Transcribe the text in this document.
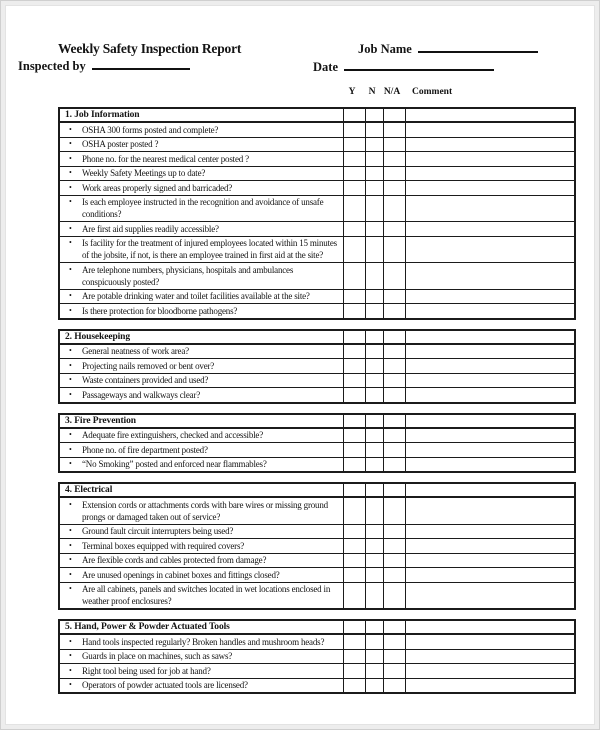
Weekly Safety Inspection Report	Job Name
Inspected by	Date
Y	N N/A	Comment
1. Job Information
•	OSHA 300 forms posted and complete?
•	OSHA poster posted ?
•	Phone no. for the nearest medical center posted ?
•	Weekly Safety Meetings up to date?
•	Work areas properly signed and barricaded?
•	Is each employee instructed in the recognition and avoidance of unsafe conditions?
•	Are first aid supplies readily accessible?
•	Is facility for the treatment of injured employees located within 15 minutes of the jobsite, if not, is there an employee trained in first aid at the site?
•	Are telephone numbers, physicians, hospitals and ambulances conspicuously posted?
•	Are potable drinking water and toilet facilities available at the site?
•	Is there protection for bloodborne pathogens?
2. Housekeeping
•	General neatness of work area?
•	Projecting nails removed or bent over?
•	Waste containers provided and used?
•	Passageways and walkways clear?
3. Fire Prevention
•	Adequate fire extinguishers, checked and accessible?
•	Phone no. of fire department posted?
•	“No Smoking” posted and enforced near flammables?
4. Electrical
•	Extension cords or attachments cords with bare wires or missing ground prongs or damaged taken out of service?
•	Ground fault circuit interrupters being used?
•	Terminal boxes equipped with required covers?
•	Are flexible cords and cables protected from damage?
•	Are unused openings in cabinet boxes and fittings closed?
•	Are all cabinets, panels and switches located in wet locations enclosed in weather proof enclosures?
5. Hand, Power & Powder Actuated Tools
•	Hand tools inspected regularly? Broken handles and mushroom heads?
•	Guards in place on machines, such as saws?
•	Right tool being used for job at hand?
•	Operators of powder actuated tools are licensed?
